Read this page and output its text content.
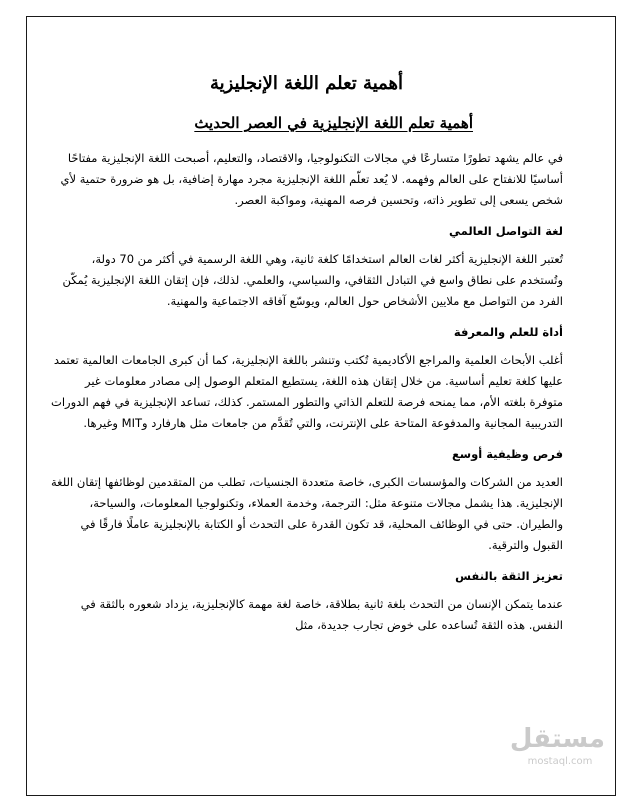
أهمية تعلم اللغة الإنجليزية
أهمية تعلم اللغة الإنجليزية في العصر الحديث

في عالم يشهد تطورًا متسارعًا في مجالات التكنولوجيا، والاقتصاد، والتعليم، أصبحت اللغة الإنجليزية مفتاحًا أساسيًا للانفتاح على العالم وفهمه. لا يُعد تعلّم اللغة الإنجليزية مجرد مهارة إضافية، بل هو ضرورة حتمية لأي شخص يسعى إلى تطوير ذاته، وتحسين فرصه المهنية، ومواكبة العصر.

لغة التواصل العالمي

تُعتبر اللغة الإنجليزية أكثر لغات العالم استخدامًا كلغة ثانية، وهي اللغة الرسمية في أكثر من 70 دولة، وتُستخدم على نطاق واسع في التبادل الثقافي، والسياسي، والعلمي. لذلك، فإن إتقان اللغة الإنجليزية يُمكّن الفرد من التواصل مع ملايين الأشخاص حول العالم، ويوسّع آفاقه الاجتماعية والمهنية.

أداة للعلم والمعرفة

أغلب الأبحاث العلمية والمراجع الأكاديمية تُكتب وتنشر باللغة الإنجليزية، كما أن كبرى الجامعات العالمية تعتمد عليها كلغة تعليم أساسية. من خلال إتقان هذه اللغة، يستطيع المتعلم الوصول إلى مصادر معلومات غير متوفرة بلغته الأم، مما يمنحه فرصة للتعلم الذاتي والتطور المستمر. كذلك، تساعد الإنجليزية في فهم الدورات التدريبية المجانية والمدفوعة المتاحة على الإنترنت، والتي تُقدَّم من جامعات مثل هارفارد وMIT وغيرها.

فرص وظيفية أوسع

العديد من الشركات والمؤسسات الكبرى، خاصة متعددة الجنسيات، تطلب من المتقدمين لوظائفها إتقان اللغة الإنجليزية. هذا يشمل مجالات متنوعة مثل: الترجمة، وخدمة العملاء، وتكنولوجيا المعلومات، والسياحة، والطيران. حتى في الوظائف المحلية، قد تكون القدرة على التحدث أو الكتابة بالإنجليزية عاملًا فارقًا في القبول والترقية.

تعزيز الثقة بالنفس

عندما يتمكن الإنسان من التحدث بلغة ثانية بطلاقة، خاصة لغة مهمة كالإنجليزية، يزداد شعوره بالثقة في النفس. هذه الثقة تُساعده على خوض تجارب جديدة، مثل

مستقل
mostaql.com
